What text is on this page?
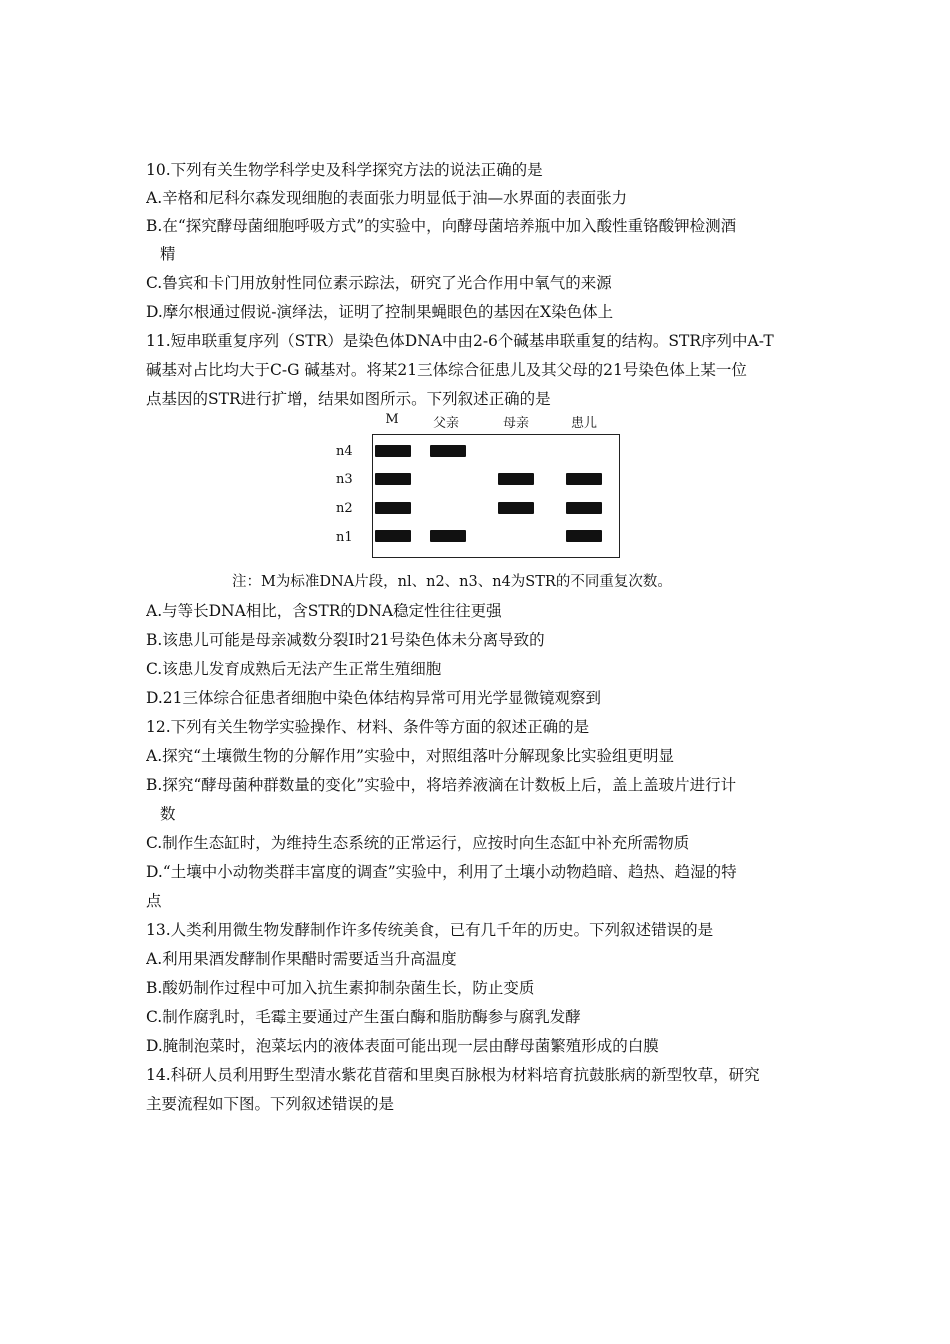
10.下列有关生物学科学史及科学探究方法的说法正确的是
A.辛格和尼科尔森发现细胞的表面张力明显低于油—水界面的表面张力
B.在“探究酵母菌细胞呼吸方式”的实验中，向酵母菌培养瓶中加入酸性重铬酸钾检测酒
精
C.鲁宾和卡门用放射性同位素示踪法，研究了光合作用中氧气的来源
D.摩尔根通过假说-演绎法，证明了控制果蝇眼色的基因在X染色体上
11.短串联重复序列（STR）是染色体DNA中由2-6个碱基串联重复的结构。STR序列中A-T
碱基对占比均大于C-G 碱基对。将某21三体综合征患儿及其父母的21号染色体上某一位
点基因的STR进行扩增，结果如图所示。下列叙述正确的是
M	父亲	母亲	患儿
n4
n3
n2
n1
注：M为标准DNA片段，nl、n2、n3、n4为STR的不同重复次数。
A.与等长DNA相比，含STR的DNA稳定性往往更强
B.该患儿可能是母亲减数分裂Ⅰ时21号染色体未分离导致的
C.该患儿发育成熟后无法产生正常生殖细胞
D.21三体综合征患者细胞中染色体结构异常可用光学显微镜观察到
12.下列有关生物学实验操作、材料、条件等方面的叙述正确的是
A.探究“土壤微生物的分解作用”实验中，对照组落叶分解现象比实验组更明显
B.探究“酵母菌种群数量的变化”实验中，将培养液滴在计数板上后，盖上盖玻片进行计
数
C.制作生态缸时，为维持生态系统的正常运行，应按时向生态缸中补充所需物质
D.“土壤中小动物类群丰富度的调查”实验中，利用了土壤小动物趋暗、趋热、趋湿的特
点
13.人类利用微生物发酵制作许多传统美食，已有几千年的历史。下列叙述错误的是
A.利用果酒发酵制作果醋时需要适当升高温度
B.酸奶制作过程中可加入抗生素抑制杂菌生长，防止变质
C.制作腐乳时，毛霉主要通过产生蛋白酶和脂肪酶参与腐乳发酵
D.腌制泡菜时，泡菜坛内的液体表面可能出现一层由酵母菌繁殖形成的白膜
14.科研人员利用野生型清水紫花苜蓿和里奥百脉根为材料培育抗鼓胀病的新型牧草，研究
主要流程如下图。下列叙述错误的是
